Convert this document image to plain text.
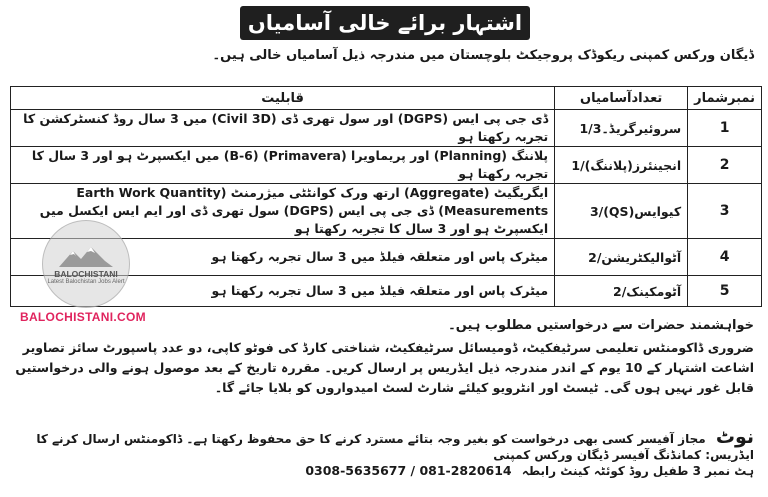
اشتہار برائے خالی آسامیاں
ڈیگان ورکس کمپنی ریکوڈک پروجیکٹ بلوچستان میں مندرجہ ذیل آسامیاں خالی ہیں۔
نمبرشمار	تعدادآسامیاں	قابلیت
1	سروئیرگریڈ۔1/3	ڈی جی پی ایس (DGPS) اور سول تھری ڈی (Civil 3D) میں 3 سال روڈ کنسٹرکشن کا تجربہ رکھتا ہو
2	انجینئرز(پلاننگ)/1	پلاننگ (Planning) اور پریماویرا (Primavera) (B-6) میں ایکسپرٹ ہو اور 3 سال کا تجربہ رکھتا ہو
3	کیوایس(QS)/3	ایگریگیٹ (Aggregate) ارتھ ورک کوانٹٹی میژرمنٹ (Earth Work Quantity Measurements) ڈی جی پی ایس (DGPS) سول تھری ڈی اور ایم ایس ایکسل میں ایکسپرٹ ہو اور 3 سال کا تجربہ رکھتا ہو
4	آٹوالیکٹریشن/2	میٹرک پاس اور متعلقہ فیلڈ میں 3 سال تجربہ رکھتا ہو
5	آٹومکینک/2	میٹرک پاس اور متعلقہ فیلڈ میں 3 سال تجربہ رکھتا ہو
BALOCHISTANI
Latest Balochistan Jobs Alert
BALOCHISTANI.COM
خواہشمند حضرات سے درخواستیں مطلوب ہیں۔
ضروری ڈاکومنٹس تعلیمی سرٹیفکیٹ، ڈومیسائل سرٹیفکیٹ، شناختی کارڈ کی فوٹو کاپی، دو عدد پاسپورٹ سائز تصاویر اشاعت اشتہار کے 10 یوم کے اندر مندرجہ ذیل ایڈریس پر ارسال کریں۔ مقررہ تاریخ کے بعد موصول ہونے والی درخواستیں قابل غور نہیں ہوں گی۔ ٹیسٹ اور انٹرویو کیلئے شارٹ لسٹ امیدواروں کو بلایا جائے گا۔
نوٹ مجاز آفیسر کسی بھی درخواست کو بغیر وجہ بتائے مسترد کرنے کا حق محفوظ رکھتا ہے۔ ڈاکومنٹس ارسال کرنے کا ایڈریس: کمانڈنگ آفیسر ڈیگان ورکس کمپنی
ہٹ نمبر 3 طفیل روڈ کوئٹہ کینٹ رابطہ 0308-5635677 / 081-2820614
